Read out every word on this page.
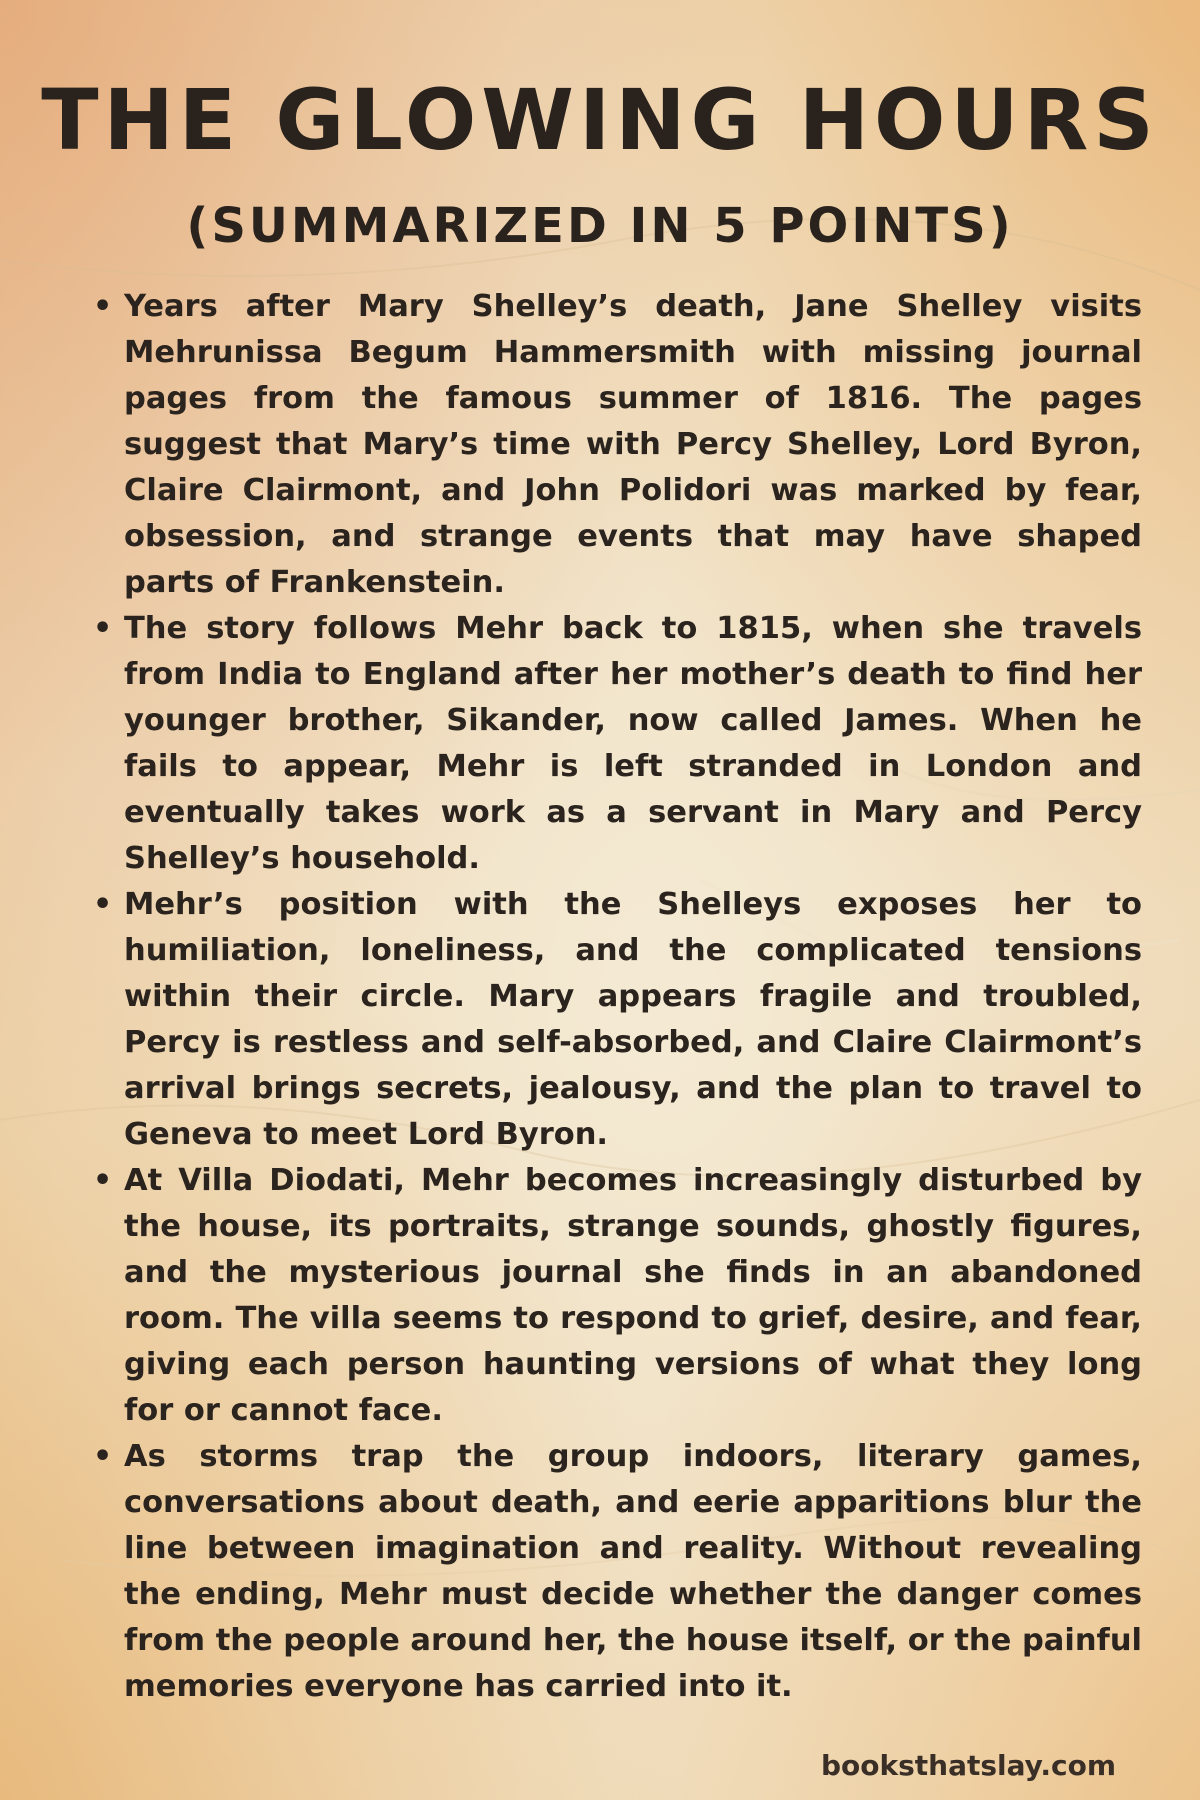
THE GLOWING HOURS
(SUMMARIZED IN 5 POINTS)
• Years after Mary Shelley’s death, Jane Shelley visits Mehrunissa Begum Hammersmith with missing journal pages from the famous summer of 1816. The pages suggest that Mary’s time with Percy Shelley, Lord Byron, Claire Clairmont, and John Polidori was marked by fear, obsession, and strange events that may have shaped parts of Frankenstein.
• The story follows Mehr back to 1815, when she travels from India to England after her mother’s death to find her younger brother, Sikander, now called James. When he fails to appear, Mehr is left stranded in London and eventually takes work as a servant in Mary and Percy Shelley’s household.
• Mehr’s position with the Shelleys exposes her to humiliation, loneliness, and the complicated tensions within their circle. Mary appears fragile and troubled, Percy is restless and self-absorbed, and Claire Clairmont’s arrival brings secrets, jealousy, and the plan to travel to Geneva to meet Lord Byron.
• At Villa Diodati, Mehr becomes increasingly disturbed by the house, its portraits, strange sounds, ghostly figures, and the mysterious journal she finds in an abandoned room. The villa seems to respond to grief, desire, and fear, giving each person haunting versions of what they long for or cannot face.
• As storms trap the group indoors, literary games, conversations about death, and eerie apparitions blur the line between imagination and reality. Without revealing the ending, Mehr must decide whether the danger comes from the people around her, the house itself, or the painful memories everyone has carried into it.
booksthatslay.com
